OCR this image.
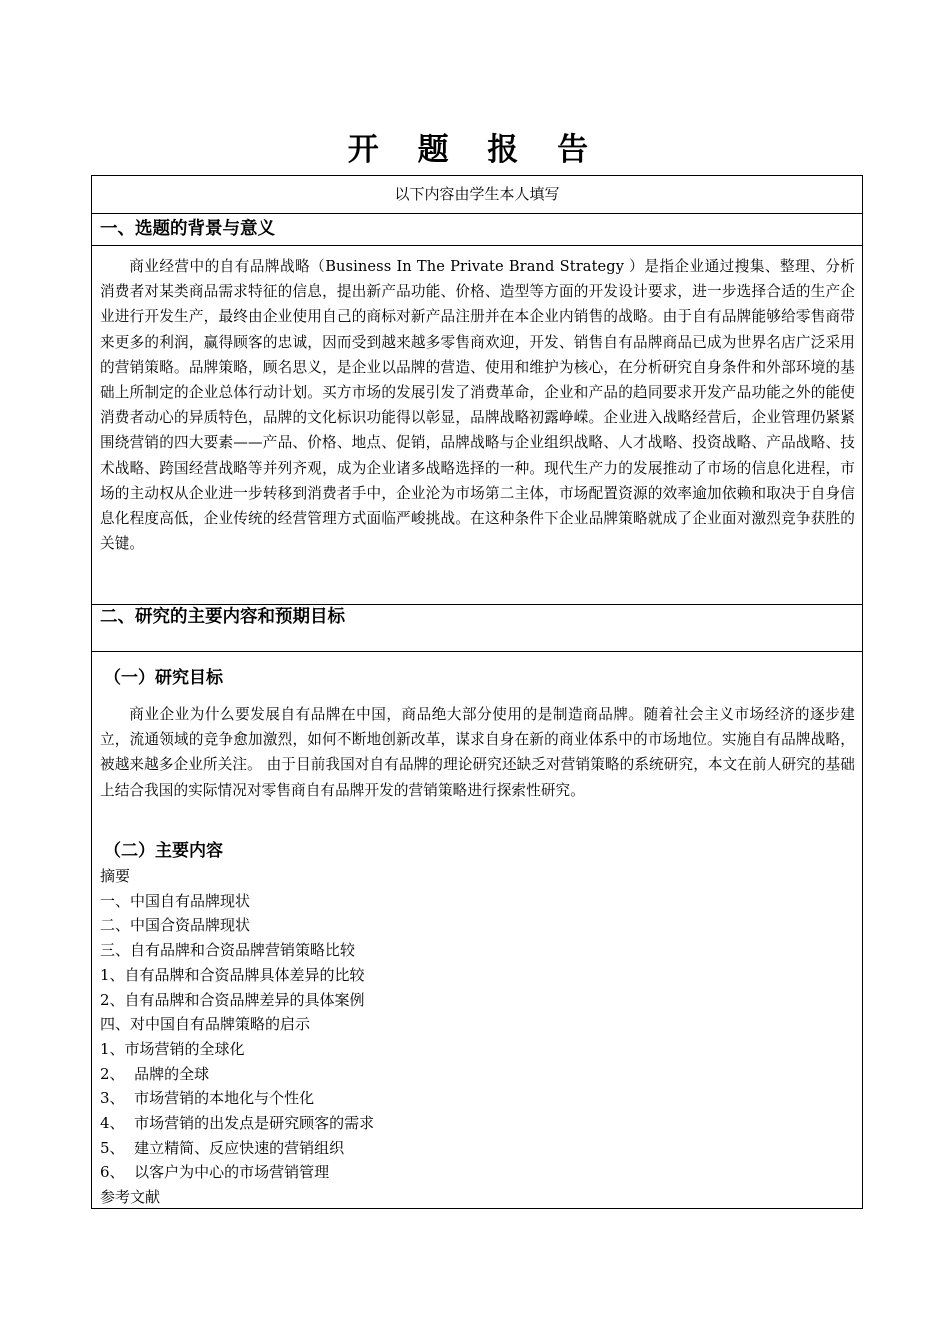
开 题 报 告
以下内容由学生本人填写
一、选题的背景与意义
商业经营中的自有品牌战略（Business In The Private Brand Strategy ）是指企业通过搜集、整理、分析消费者对某类商品需求特征的信息，提出新产品功能、价格、造型等方面的开发设计要求，进一步选择合适的生产企业进行开发生产，最终由企业使用自己的商标对新产品注册并在本企业内销售的战略。由于自有品牌能够给零售商带来更多的利润，赢得顾客的忠诚，因而受到越来越多零售商欢迎，开发、销售自有品牌商品已成为世界名店广泛采用的营销策略。品牌策略，顾名思义，是企业以品牌的营造、使用和维护为核心，在分析研究自身条件和外部环境的基础上所制定的企业总体行动计划。买方市场的发展引发了消费革命，企业和产品的趋同要求开发产品功能之外的能使消费者动心的异质特色，品牌的文化标识功能得以彰显，品牌战略初露峥嵘。企业进入战略经营后，企业管理仍紧紧围绕营销的四大要素——产品、价格、地点、促销，品牌战略与企业组织战略、人才战略、投资战略、产品战略、技术战略、跨国经营战略等并列齐观，成为企业诸多战略选择的一种。现代生产力的发展推动了市场的信息化进程，市场的主动权从企业进一步转移到消费者手中，企业沦为市场第二主体，市场配置资源的效率逾加依赖和取决于自身信息化程度高低，企业传统的经营管理方式面临严峻挑战。在这种条件下企业品牌策略就成了企业面对激烈竞争获胜的关键。
二、研究的主要内容和预期目标
（一）研究目标
商业企业为什么要发展自有品牌在中国，商品绝大部分使用的是制造商品牌。随着社会主义市场经济的逐步建立，流通领域的竞争愈加激烈，如何不断地创新改革，谋求自身在新的商业体系中的市场地位。实施自有品牌战略，被越来越多企业所关注。 由于目前我国对自有品牌的理论研究还缺乏对营销策略的系统研究，本文在前人研究的基础上结合我国的实际情况对零售商自有品牌开发的营销策略进行探索性研究。
（二）主要内容
摘要
一、中国自有品牌现状
二、中国合资品牌现状
三、自有品牌和合资品牌营销策略比较
1、自有品牌和合资品牌具体差异的比较
2、自有品牌和合资品牌差异的具体案例
四、对中国自有品牌策略的启示
1、市场营销的全球化
2、  品牌的全球
3、  市场营销的本地化与个性化
4、  市场营销的出发点是研究顾客的需求
5、  建立精简、反应快速的营销组织
6、  以客户为中心的市场营销管理
参考文献
